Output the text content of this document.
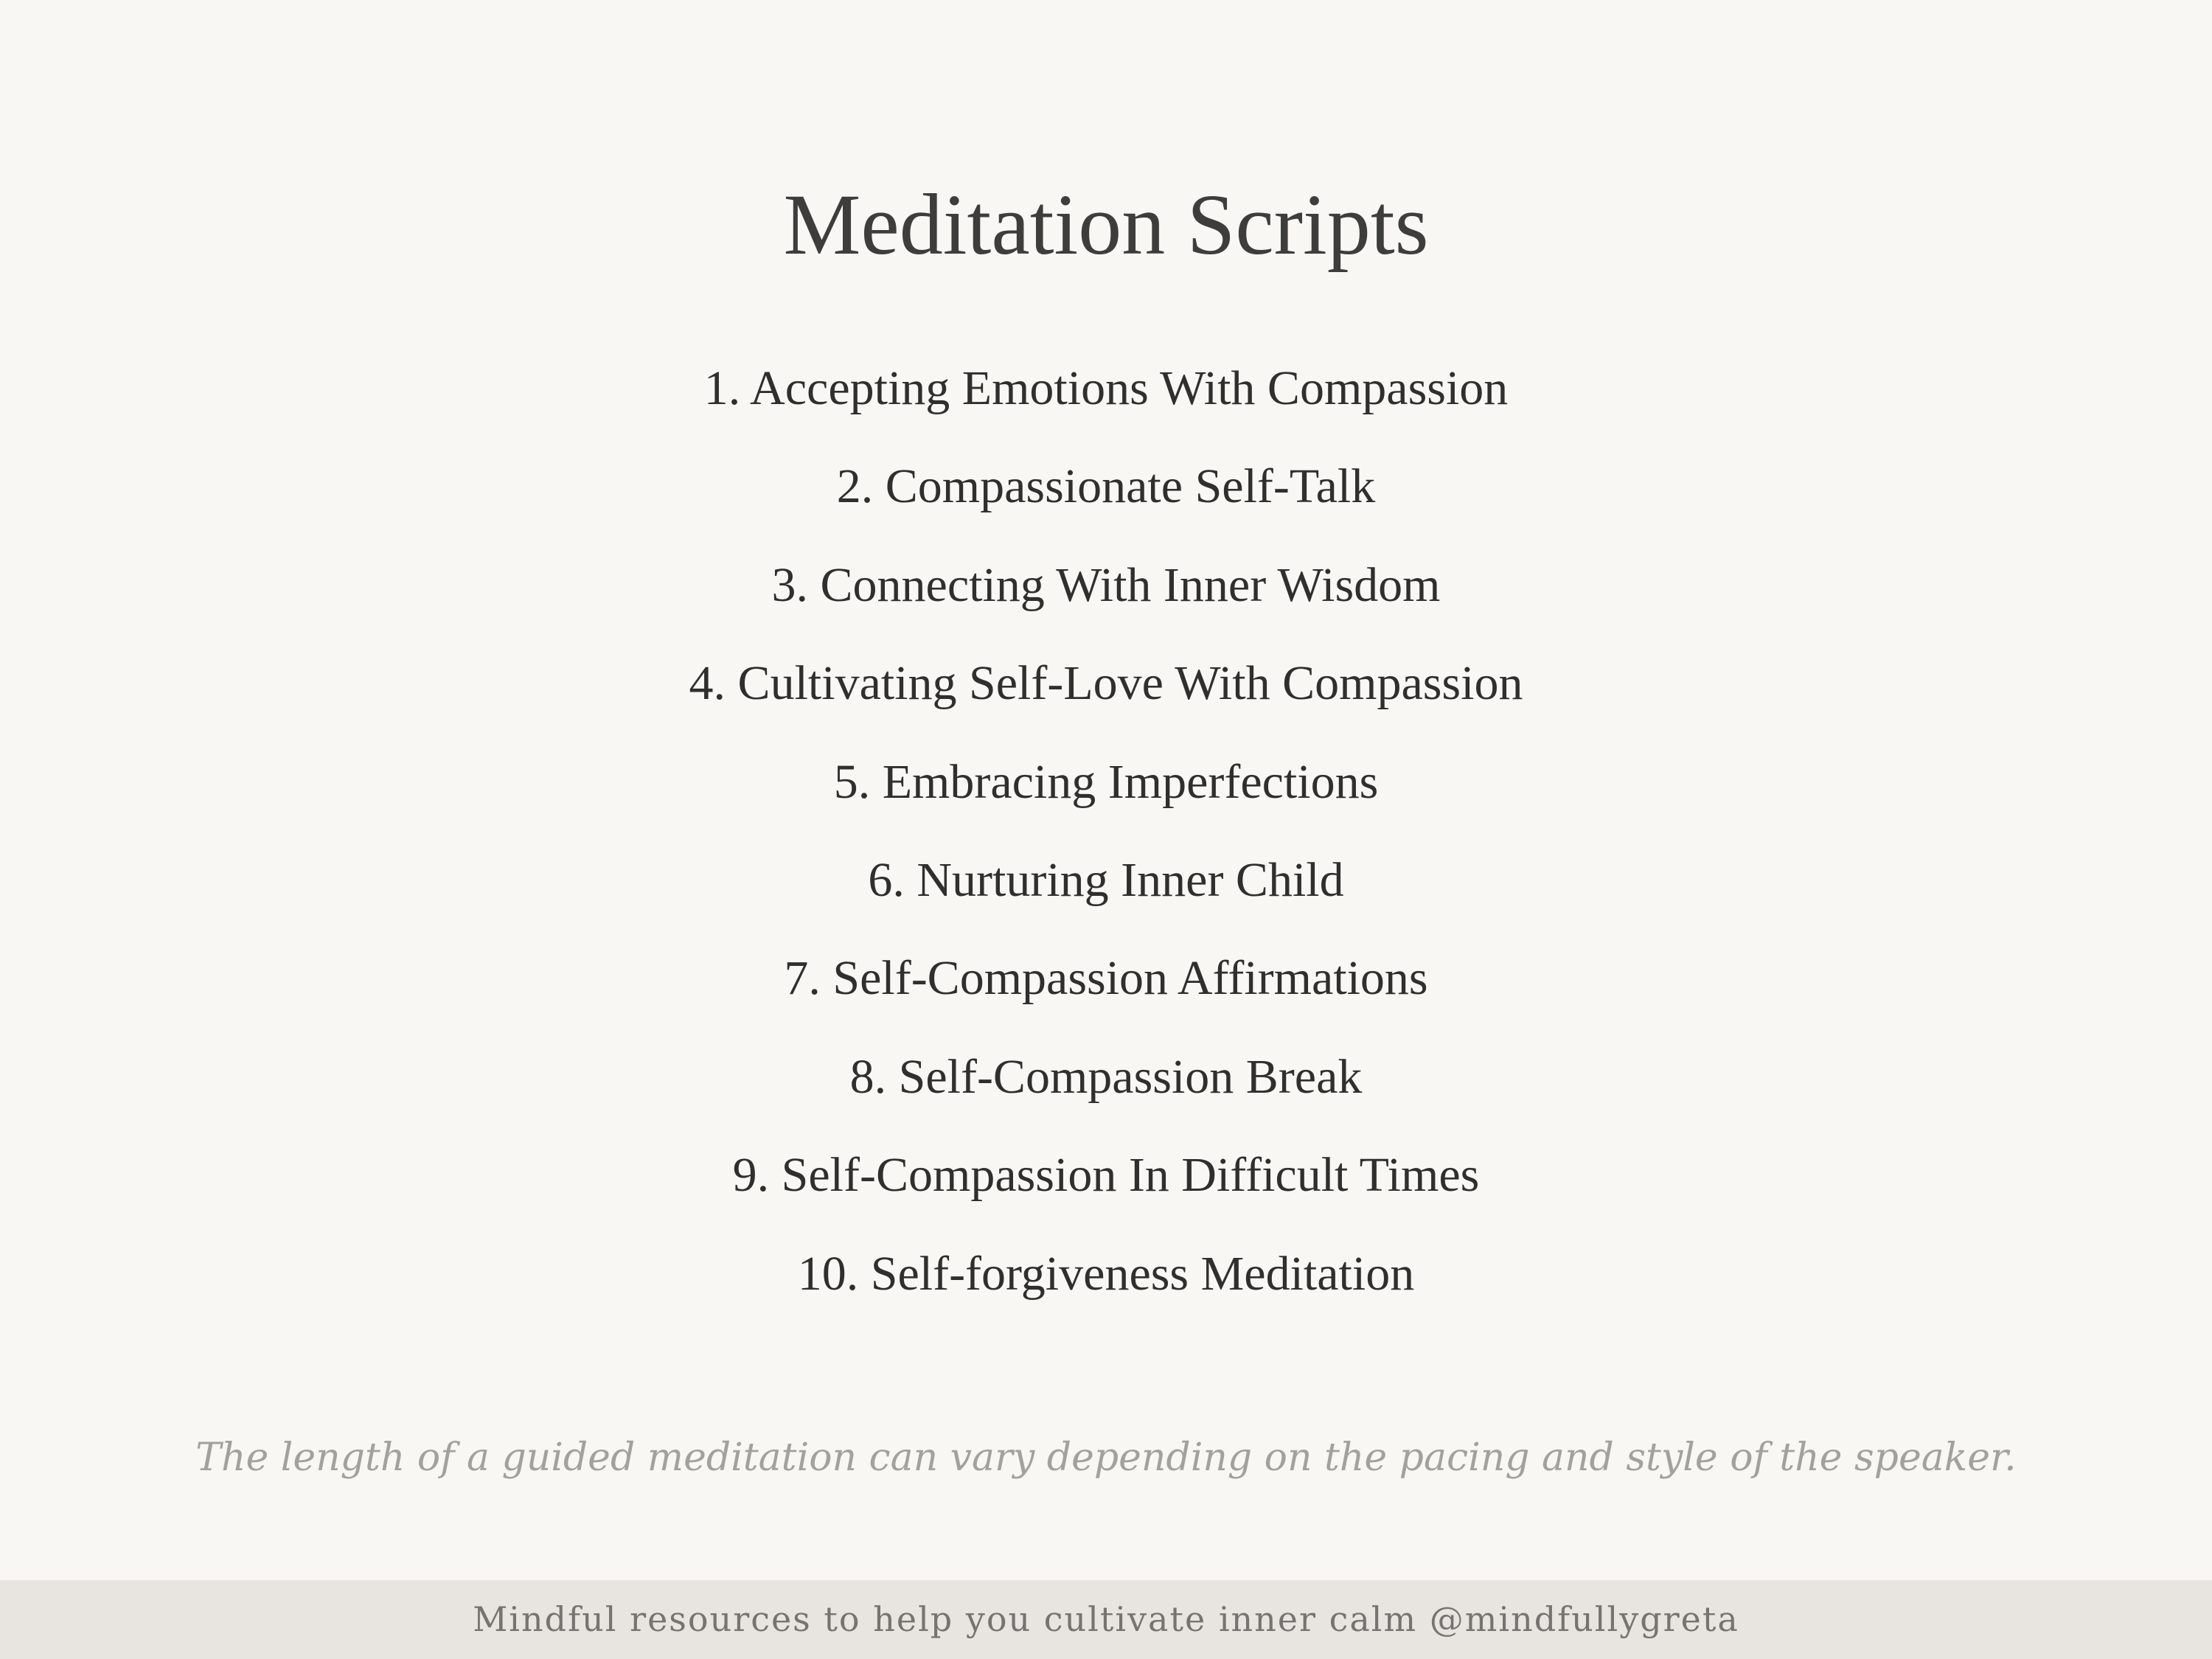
Meditation Scripts
1. Accepting Emotions With Compassion
2. Compassionate Self-Talk
3. Connecting With Inner Wisdom
4. Cultivating Self-Love With Compassion
5. Embracing Imperfections
6. Nurturing Inner Child
7. Self-Compassion Affirmations
8. Self-Compassion Break
9. Self-Compassion In Difficult Times
10. Self-forgiveness Meditation

The length of a guided meditation can vary depending on the pacing and style of the speaker.

Mindful resources to help you cultivate inner calm @mindfullygreta
